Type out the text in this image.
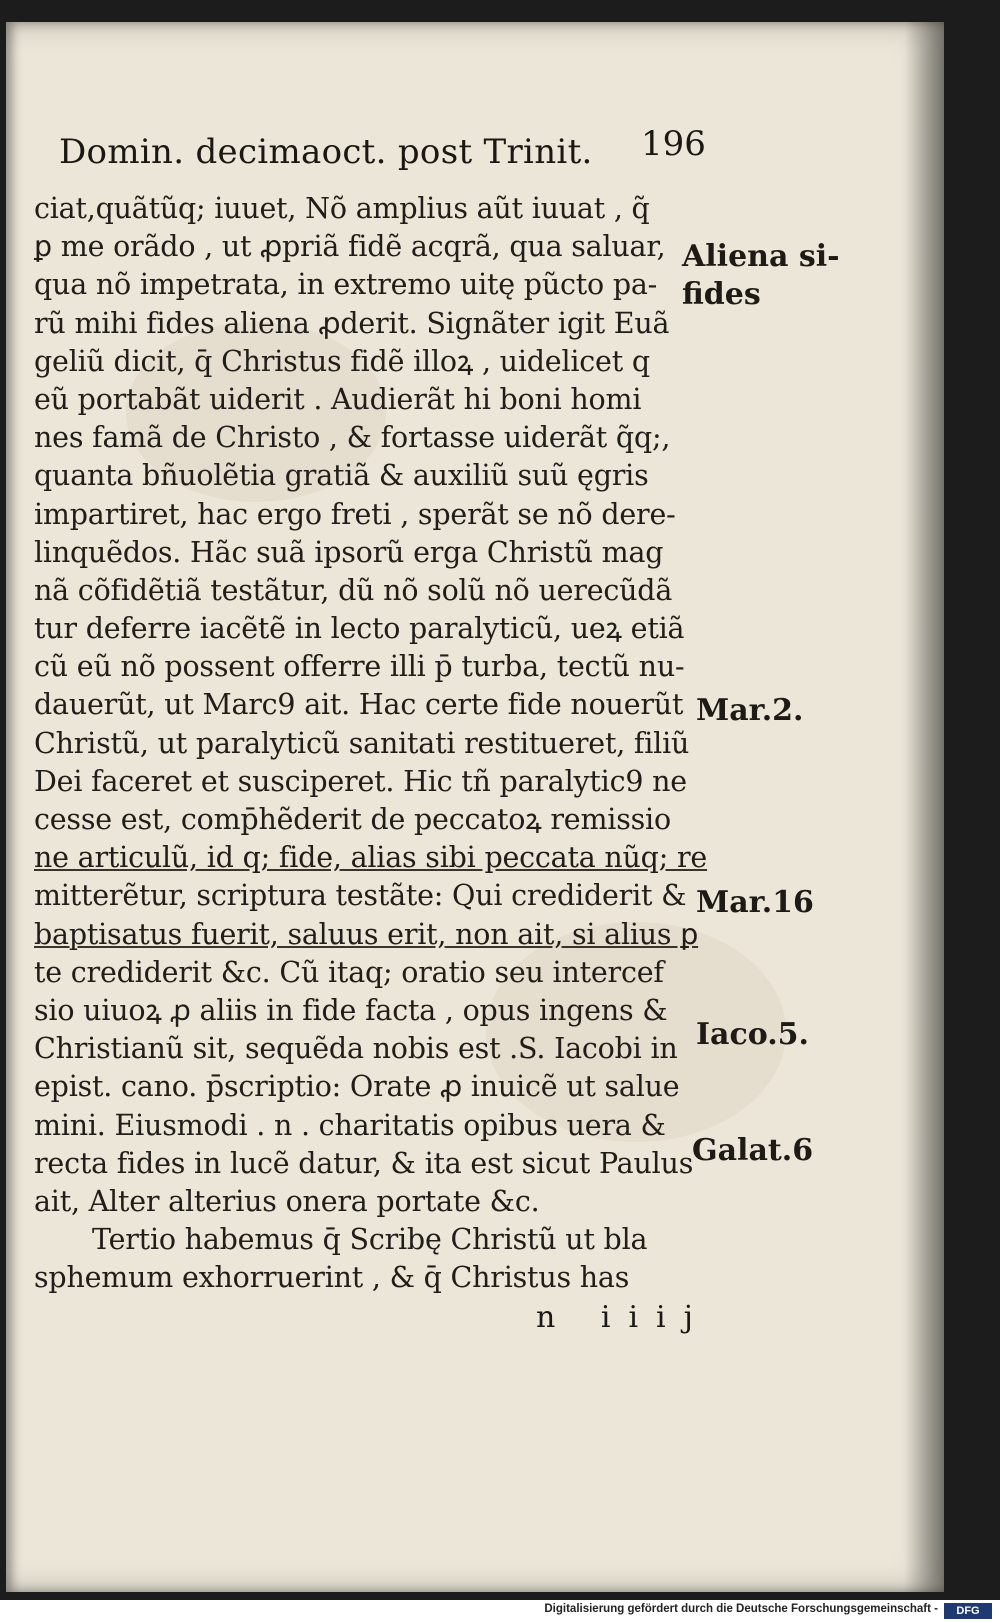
Domin. decimaoct. post Trinit. 196
ciat,quãtũq; iuuet, Nõ amplius aũt iuuat , q̃
ꝑ me orãdo , ut ꝓpriã fidẽ acqrã, qua saluar,
qua nõ impetrata, in extremo uitę pũcto pa-
rũ mihi fides aliena ꝓderit. Signãter igit Euã
geliũ dicit, q̄ Christus fidẽ illoꝝ , uidelicet q
eũ portabãt uiderit . Audierãt hi boni homi
nes famã de Christo , & fortasse uiderãt q̃q;,
quanta bñuolẽtia gratiã & auxiliũ suũ ęgris
impartiret, hac ergo freti , sperãt se nõ dere-
linquẽdos. Hãc suã ipsorũ erga Christũ mag
nã cõfidẽtiã testãtur, dũ nõ solũ nõ uerecũdã
tur deferre iacẽtẽ in lecto paralyticũ, ueꝝ etiã
cũ eũ nõ possent offerre illi p̄ turba, tectũ nu-
dauerũt, ut Marc9 ait. Hac certe fide nouerũt
Christũ, ut paralyticũ sanitati restitueret, filiũ
Dei faceret et susciperet. Hic tñ paralytic9 ne
cesse est, comp̄hẽderit de peccatoꝝ remissio
ne articulũ, id q; fide, alias sibi peccata nũq; re
mitterẽtur, scriptura testãte: Qui crediderit &
baptisatus fuerit, saluus erit, non ait, si alius ꝑ
te crediderit &c. Cũ itaq; oratio seu intercef
sio uiuoꝝ ꝓ aliis in fide facta , opus ingens &
Christianũ sit, sequẽda nobis est .S. Iacobi in
epist. cano. p̄scriptio: Orate ꝓ inuicẽ ut salue
mini. Eiusmodi . n . charitatis opibus uera &
recta fides in lucẽ datur, & ita est sicut Paulus
ait, Alter alterius onera portate &c.
Tertio habemus q̄ Scribę Christũ ut bla
sphemum exhorruerint , & q̄ Christus has
Aliena si-
fides
Mar.2.
Mar.16
Iaco.5.
Galat.6
n iiij
Digitalisierung gefördert durch die Deutsche Forschungsgemeinschaft -	DFG
